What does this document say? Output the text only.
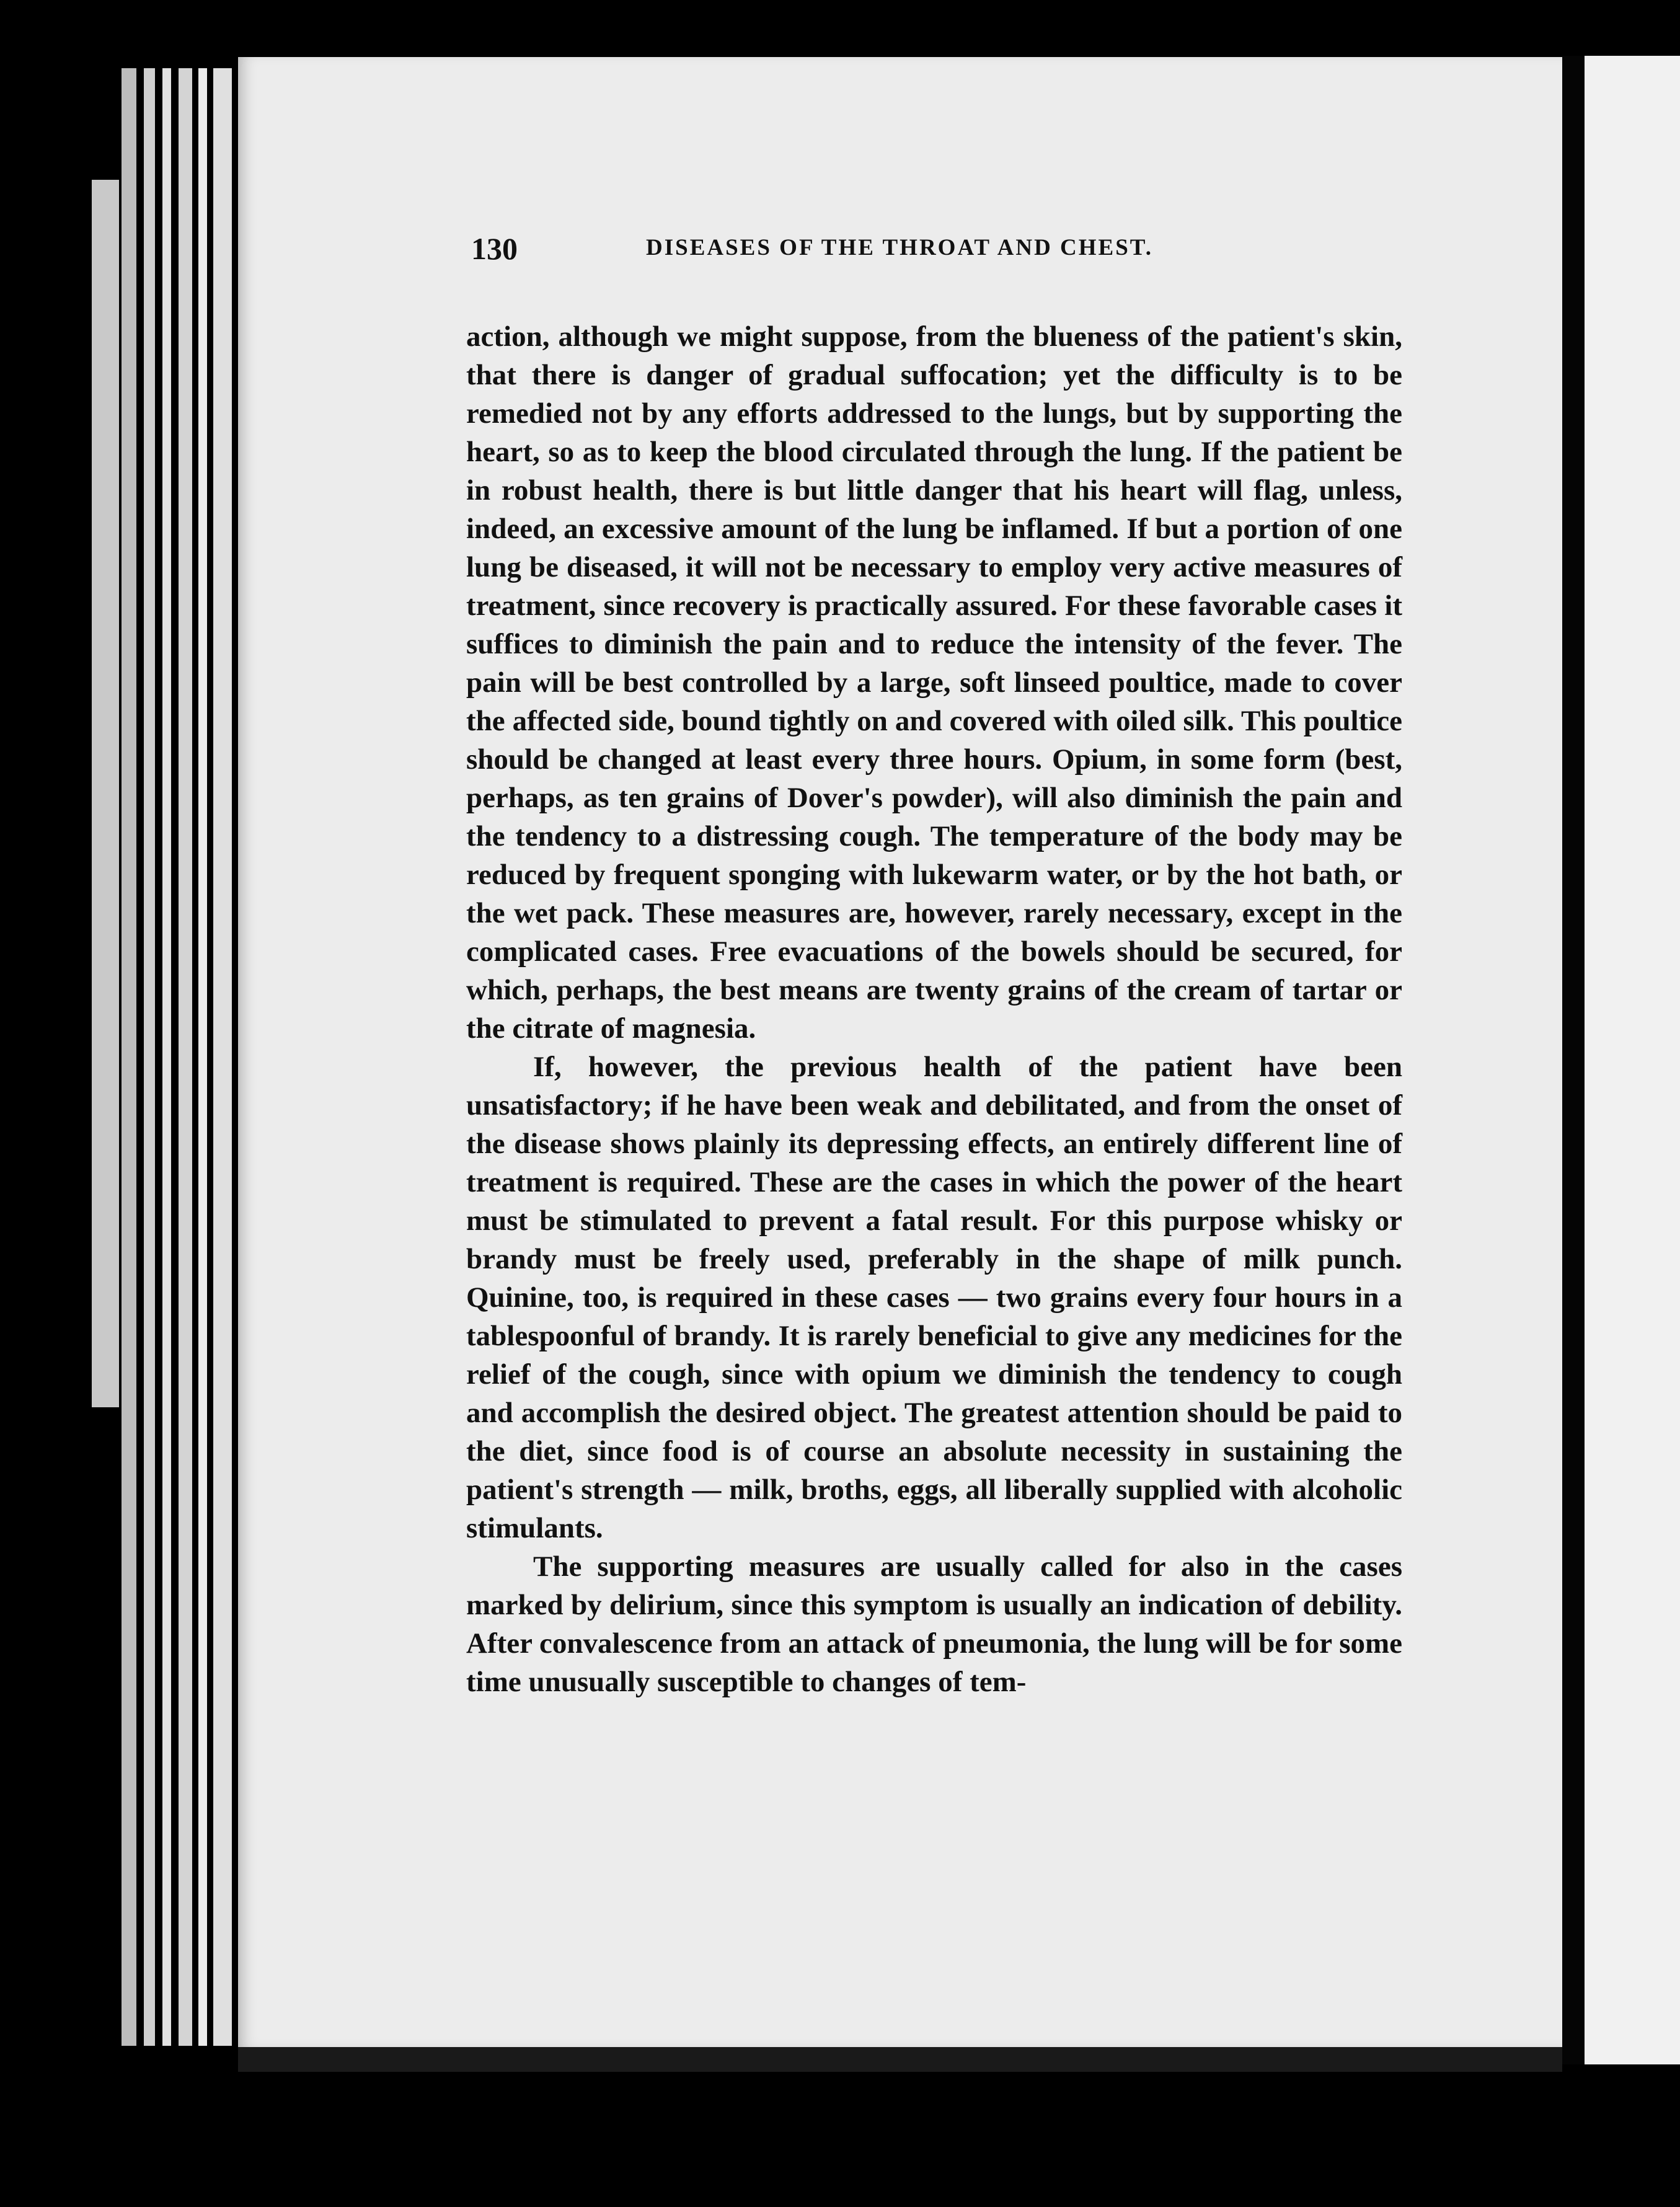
130	DISEASES OF THE THROAT AND CHEST.

action, although we might suppose, from the blueness of the patient's skin, that there is danger of gradual suffocation; yet the difficulty is to be remedied not by any efforts addressed to the lungs, but by supporting the heart, so as to keep the blood circulated through the lung. If the patient be in robust health, there is but little danger that his heart will flag, unless, indeed, an excessive amount of the lung be inflamed. If but a portion of one lung be diseased, it will not be necessary to employ very active measures of treatment, since recovery is practically assured. For these favorable cases it suffices to diminish the pain and to reduce the intensity of the fever. The pain will be best controlled by a large, soft linseed poultice, made to cover the affected side, bound tightly on and covered with oiled silk. This poultice should be changed at least every three hours. Opium, in some form (best, perhaps, as ten grains of Dover's powder), will also diminish the pain and the tendency to a distressing cough. The temperature of the body may be reduced by frequent sponging with lukewarm water, or by the hot bath, or the wet pack. These measures are, however, rarely necessary, except in the complicated cases. Free evacuations of the bowels should be secured, for which, perhaps, the best means are twenty grains of the cream of tartar or the citrate of magnesia.

If, however, the previous health of the patient have been unsatisfactory; if he have been weak and debilitated, and from the onset of the disease shows plainly its depressing effects, an entirely different line of treatment is required. These are the cases in which the power of the heart must be stimulated to prevent a fatal result. For this purpose whisky or brandy must be freely used, preferably in the shape of milk punch. Quinine, too, is required in these cases — two grains every four hours in a tablespoonful of brandy. It is rarely beneficial to give any medicines for the relief of the cough, since with opium we diminish the tendency to cough and accomplish the desired object. The greatest attention should be paid to the diet, since food is of course an absolute necessity in sustaining the patient's strength — milk, broths, eggs, all liberally supplied with alcoholic stimulants.

The supporting measures are usually called for also in the cases marked by delirium, since this symptom is usually an indication of debility. After convalescence from an attack of pneumonia, the lung will be for some time unusually susceptible to changes of tem-
